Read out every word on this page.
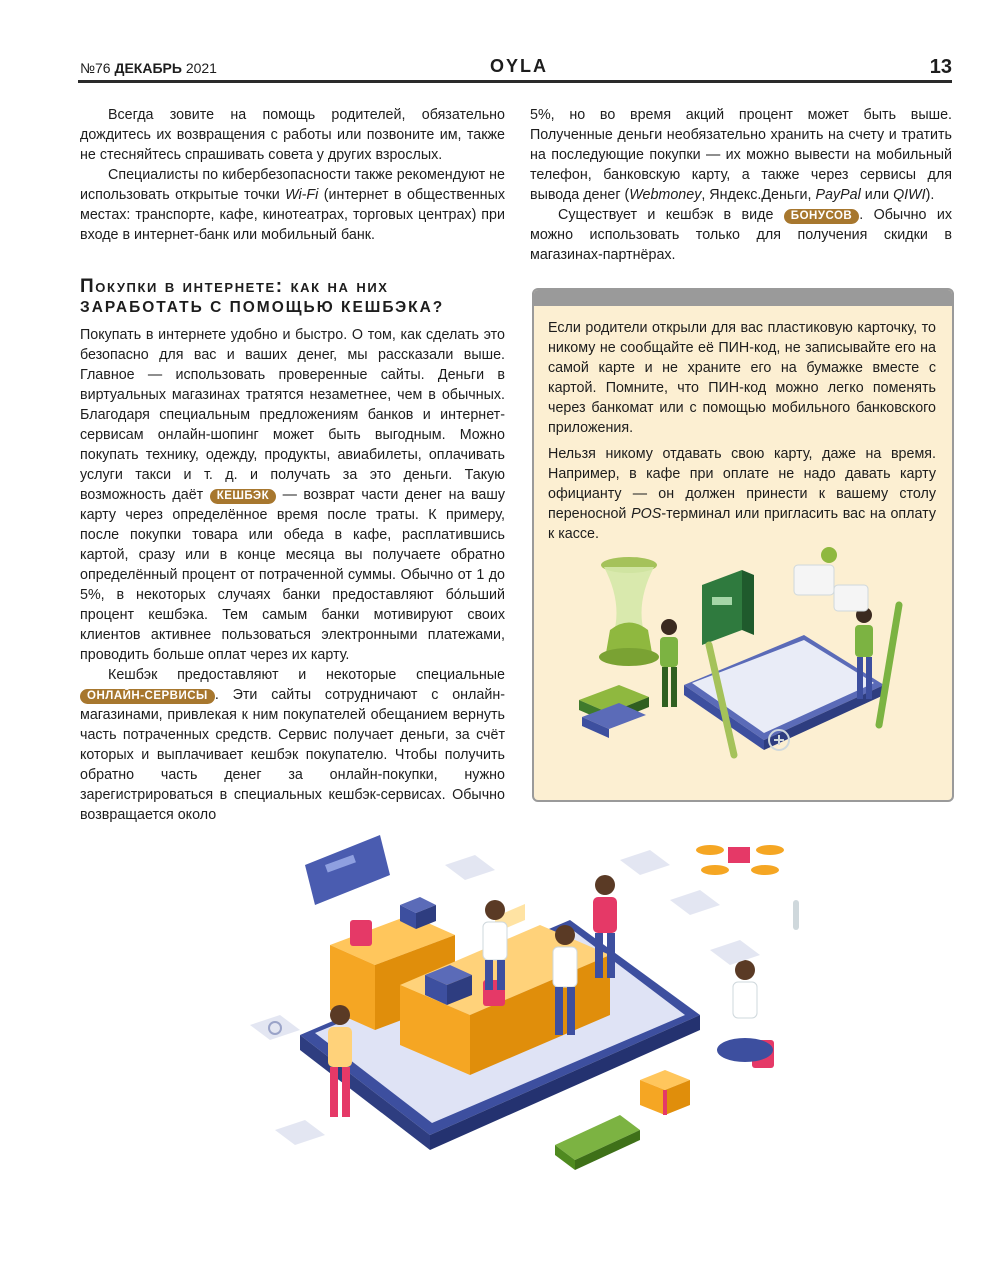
№76 ДЕКАБРЬ 2021	OYLA	13

Всегда зовите на помощь родителей, обязательно дождитесь их возвращения с работы или позвоните им, также не стесняйтесь спрашивать совета у других взрослых.

Специалисты по кибербезопасности также рекомендуют не использовать открытые точки Wi-Fi (интернет в общественных местах: транспорте, кафе, кинотеатрах, торговых центрах) при входе в интернет-банк или мобильный банк.

Покупки в интернете: как на них
ЗАРАБОТАТЬ С ПОМОЩЬЮ КЕШБЭКА?

Покупать в интернете удобно и быстро. О том, как сделать это безопасно для вас и ваших денег, мы рассказали выше. Главное — использовать проверенные сайты. Деньги в виртуальных магазинах тратятся незаметнее, чем в обычных. Благодаря специальным предложениям банков и интернет-сервисам онлайн-шопинг может быть выгодным. Можно покупать технику, одежду, продукты, авиабилеты, оплачивать услуги такси и т. д. и получать за это деньги. Такую возможность даёт КЕШБЭК — возврат части денег на вашу карту через определённое время после траты. К примеру, после покупки товара или обеда в кафе, расплатившись картой, сразу или в конце месяца вы получаете обратно определённый процент от потраченной суммы. Обычно от 1 до 5%, в некоторых случаях банки предоставляют бо́льший процент кешбэка. Тем самым банки мотивируют своих клиентов активнее пользоваться электронными платежами, проводить больше оплат через их карту.

Кешбэк предоставляют и некоторые специальные ОНЛАЙН-СЕРВИСЫ . Эти сайты сотрудничают с онлайн-магазинами, привлекая к ним покупателей обещанием вернуть часть потраченных средств. Сервис получает деньги, за счёт которых и выплачивает кешбэк покупателю. Чтобы получить обратно часть денег за онлайн-покупки, нужно зарегистрироваться в специальных кешбэк-сервисах. Обычно возвращается около

5%, но во время акций процент может быть выше. Полученные деньги необязательно хранить на счету и тратить на последующие покупки — их можно вывести на мобильный телефон, банковскую карту, а также через сервисы для вывода денег (Webmoney, Яндекс.Деньги, PayPal или QIWI).

Существует и кешбэк в виде БОНУСОВ . Обычно их можно использовать только для получения скидки в магазинах-партнёрах.

Если родители открыли для вас пластиковую карточку, то никому не сообщайте её ПИН-код, не записывайте его на самой карте и не храните его на бумажке вместе с картой. Помните, что ПИН-код можно легко поменять через банкомат или с помощью мобильного банковского приложения.
Нельзя никому отдавать свою карту, даже на время. Например, в кафе при оплате не надо давать карту официанту — он должен принести к вашему столу переносной POS-терминал или пригласить вас на оплату к кассе.
